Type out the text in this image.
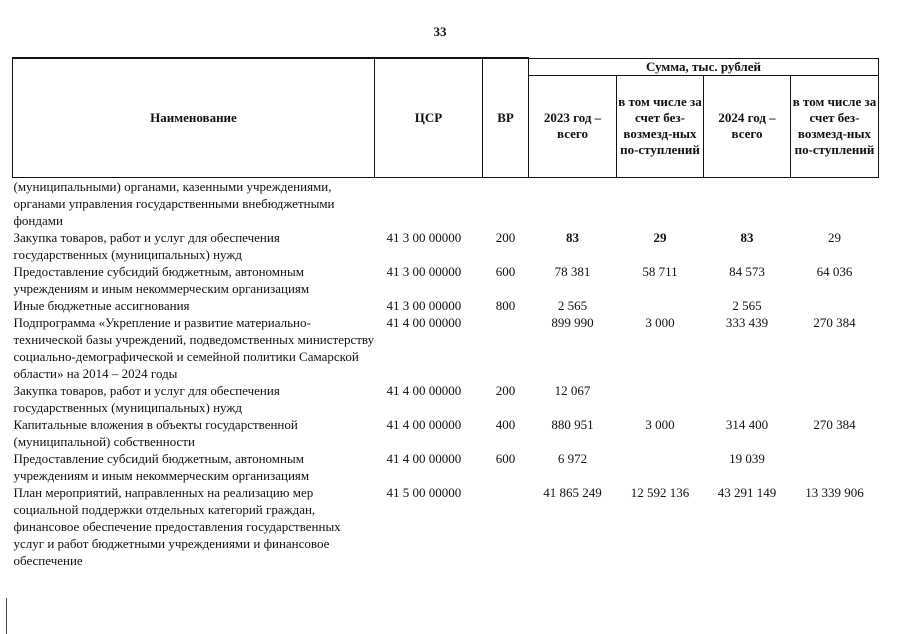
33
Наименование	ЦСР	ВР	Сумма, тыс. рублей			
			2023 год – всего	в том числе за счет без-возмезд-ных по-ступлений	2024 год – всего	в том числе за счет без-возмезд-ных по-ступлений
(муниципальными) органами, казенными учреждениями, органами управления государственными внебюджетными фондами						
Закупка товаров, работ и услуг для обеспечения государственных (муниципальных) нужд	41 3 00 00000	200	83	29	83	29
Предоставление субсидий бюджетным, автономным учреждениям и иным некоммерческим организациям	41 3 00 00000	600	78 381	58 711	84 573	64 036
Иные бюджетные ассигнования	41 3 00 00000	800	2 565		2 565	
Подпрограмма «Укрепление и развитие материально-технической базы учреждений, подведомственных министерству социально-демографической и семейной политики Самарской области» на 2014 – 2024 годы	41 4 00 00000		899 990	3 000	333 439	270 384
Закупка товаров, работ и услуг для обеспечения государственных (муниципальных) нужд	41 4 00 00000	200	12 067			
Капитальные вложения в объекты государственной (муниципальной) собственности	41 4 00 00000	400	880 951	3 000	314 400	270 384
Предоставление субсидий бюджетным, автономным учреждениям и иным некоммерческим организациям	41 4 00 00000	600	6 972		19 039	
План мероприятий, направленных на реализацию мер социальной поддержки отдельных категорий граждан, финансовое обеспечение предоставления государственных услуг и работ бюджетными учреждениями и финансовое обеспечение	41 5 00 00000		41 865 249	12 592 136	43 291 149	13 339 906
